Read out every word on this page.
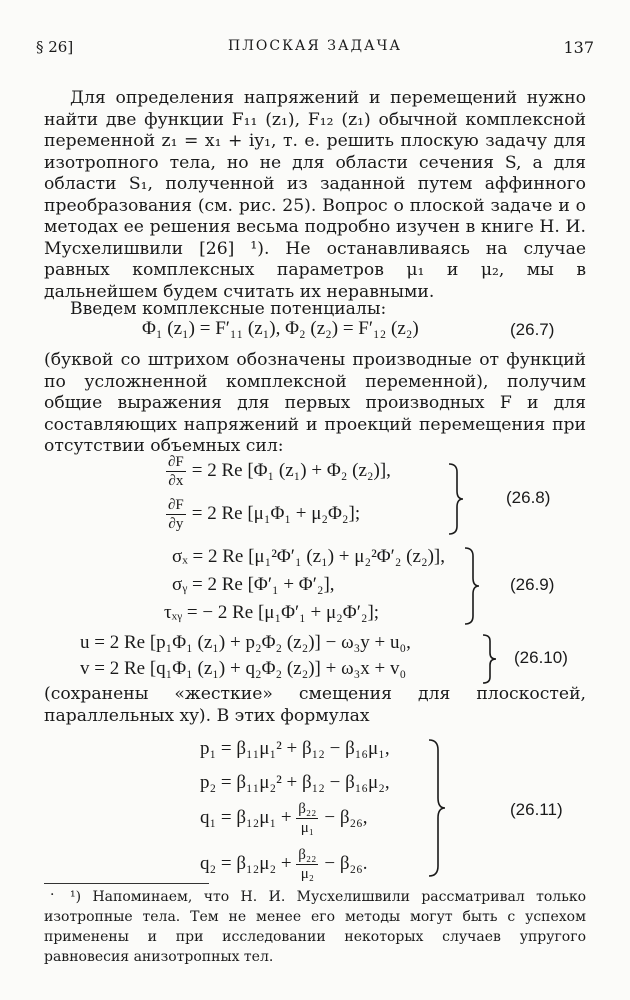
§ 26]	ПЛОСКАЯ ЗАДАЧА	137
Для определения напряжений и перемещений нужно найти две функции F₁₁ (z₁), F₁₂ (z₁) обычной комплексной переменной z₁ = x₁ + iy₁, т. е. решить плоскую задачу для изотропного тела, но не для области сечения S, а для области S₁, полученной из заданной путем аффинного преобразования (см. рис. 25). Вопрос о плоской задаче и о методах ее решения весьма подробно изучен в книге Н. И. Мусхелишвили [26] ¹). Не останавливаясь на случае равных комплексных параметров μ₁ и μ₂, мы в дальнейшем будем считать их неравными.
Введем комплексные потенциалы:
Φ₁ (z₁) = F′₁₁ (z₁), Φ₂ (z₂) = F′₁₂ (z₂)	(26.7)
(буквой со штрихом обозначены производные от функций по усложненной комплексной переменной), получим общие выражения для первых производных F и для составляющих напряжений и проекций перемещения при отсутствии объемных сил:
$\frac{\partial F}{\partial x} = 2$ Re [Φ₁ (z₁) + Φ₂ (z₂)],
$\frac{\partial F}{\partial y} = 2$ Re [μ₁Φ₁ + μ₂Φ₂];
(26.8)
σₓ = 2 Re [μ₁²Φ′₁ (z₁) + μ₂²Φ′₂ (z₂)],
σᵧ = 2 Re [Φ′₁ + Φ′₂],
τₓᵧ = − 2 Re [μ₁Φ′₁ + μ₂Φ′₂];
(26.9)
u = 2 Re [p₁Φ₁ (z₁) + p₂Φ₂ (z₂)] − ω₃y + u₀,
v = 2 Re [q₁Φ₁ (z₁) + q₂Φ₂ (z₂)] + ω₃x + v₀
(26.10)
(сохранены «жесткие» смещения для плоскостей, параллельных xy). В этих формулах
p₁ = β₁₁μ₁² + β₁₂ − β₁₆μ₁,
p₂ = β₁₁μ₂² + β₁₂ − β₁₆μ₂,
$q_1 = \beta_{12}\mu_1 + \frac{\text{β₂₂}}{\text{μ₁}} - \beta_{26}$,
$q_2 = \beta_{12}\mu_2 + \frac{\text{β₂₂}}{\text{μ₂}} - \beta_{26}$.
(26.11)
·	¹) Напоминаем, что Н. И. Мусхелишвили рассматривал только изотропные тела. Тем не менее его методы могут быть с успехом применены и при исследовании некоторых случаев упругого равновесия анизотропных тел.
